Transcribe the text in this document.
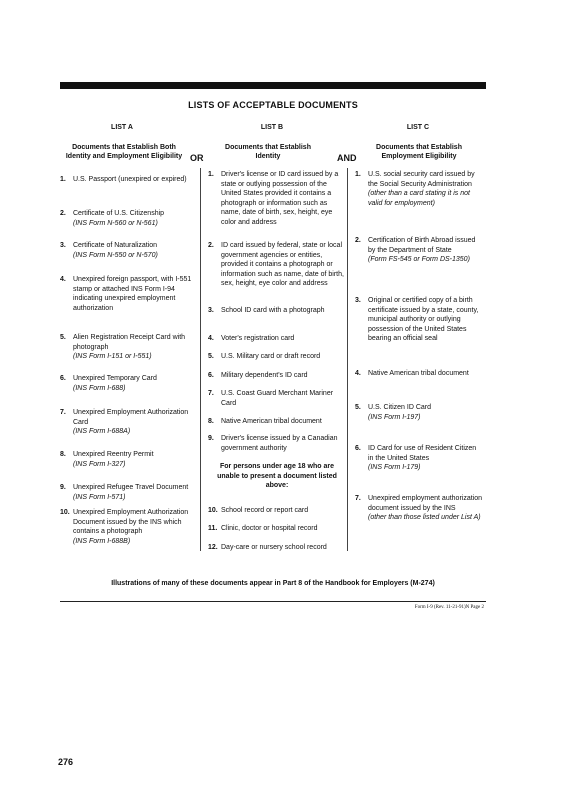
LISTS OF ACCEPTABLE DOCUMENTS
LIST A	LIST B	LIST C
Documents that Establish Both Identity and Employment Eligibility
Documents that Establish Identity
Documents that Establish Employment Eligibility
OR	AND
1. U.S. Passport (unexpired or expired)
2. Certificate of U.S. Citizenship
(INS Form N-560 or N-561)
3. Certificate of Naturalization
(INS Form N-550 or N-570)
4. Unexpired foreign passport, with I-551 stamp or attached INS Form I-94 indicating unexpired employment authorization
5. Alien Registration Receipt Card with photograph
(INS Form I-151 or I-551)
6. Unexpired Temporary Card
(INS Form I-688)
7. Unexpired Employment Authorization Card
(INS Form I-688A)
8. Unexpired Reentry Permit
(INS Form I-327)
9. Unexpired Refugee Travel Document
(INS Form I-571)
10. Unexpired Employment Authorization Document issued by the INS which contains a photograph
(INS Form I-688B)
1. Driver's license or ID card issued by a state or outlying possession of the United States provided it contains a photograph or information such as name, date of birth, sex, height, eye color and address
2. ID card issued by federal, state or local government agencies or entities, provided it contains a photograph or information such as name, date of birth, sex, height, eye color and address
3. School ID card with a photograph
4. Voter's registration card
5. U.S. Military card or draft record
6. Military dependent's ID card
7. U.S. Coast Guard Merchant Mariner Card
8. Native American tribal document
9. Driver's license issued by a Canadian government authority
For persons under age 18 who are unable to present a document listed above:
10. School record or report card
11. Clinic, doctor or hospital record
12. Day-care or nursery school record
1. U.S. social security card issued by the Social Security Administration
(other than a card stating it is not valid for employment)
2. Certification of Birth Abroad issued by the Department of State
(Form FS-545 or Form DS-1350)
3. Original or certified copy of a birth certificate issued by a state, county, municipal authority or outlying possession of the United States bearing an official seal
4. Native American tribal document
5. U.S. Citizen ID Card
(INS Form I-197)
6. ID Card for use of Resident Citizen in the United States
(INS Form I-179)
7. Unexpired employment authorization document issued by the INS
(other than those listed under List A)
Illustrations of many of these documents appear in Part 8 of the Handbook for Employers (M-274)
Form I-9 (Rev. 11-21-91)N Page 2
276
